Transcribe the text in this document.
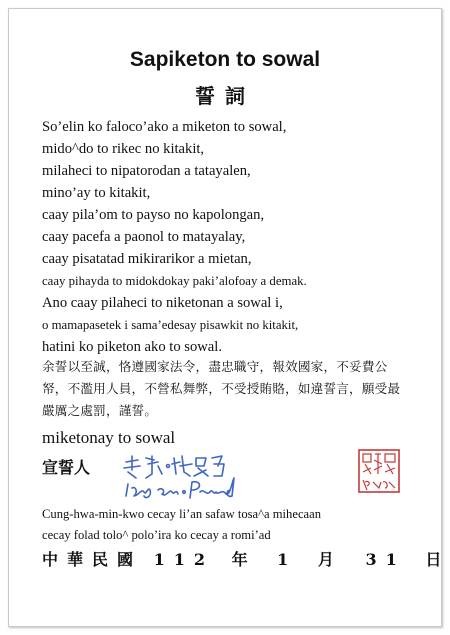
Sapiketon to sowal
誓詞
So’elin ko faloco’ako a miketon to sowal,
mido^do to rikec no kitakit,
milaheci to nipatorodan a tatayalen,
mino’ay to kitakit,
caay pila’om to payso no kapolongan,
caay pacefa a paonol to matayalay,
caay pisatatad mikirarikor a mietan,
caay pihayda to midokdokay paki’alofoay a demak.
Ano caay pilaheci to niketonan a sowal i,
o mamapasetek i sama’edesay pisawkit no kitakit,
hatini ko piketon ako to sowal.
余誓以至誠，恪遵國家法令，盡忠職守，報效國家，不妥費公帑，不濫用人員，不營私舞弊，不受授賄賂，如違誓言，願受最嚴厲之處罰，謹誓。
miketonay to sowal
宣誓人
Cung-hwa-min-kwo cecay li’an safaw tosa^a mihecaan
cecay folad tolo^ polo’ira ko cecay a romi’ad
中華民國 112 年 1 月 31 日
